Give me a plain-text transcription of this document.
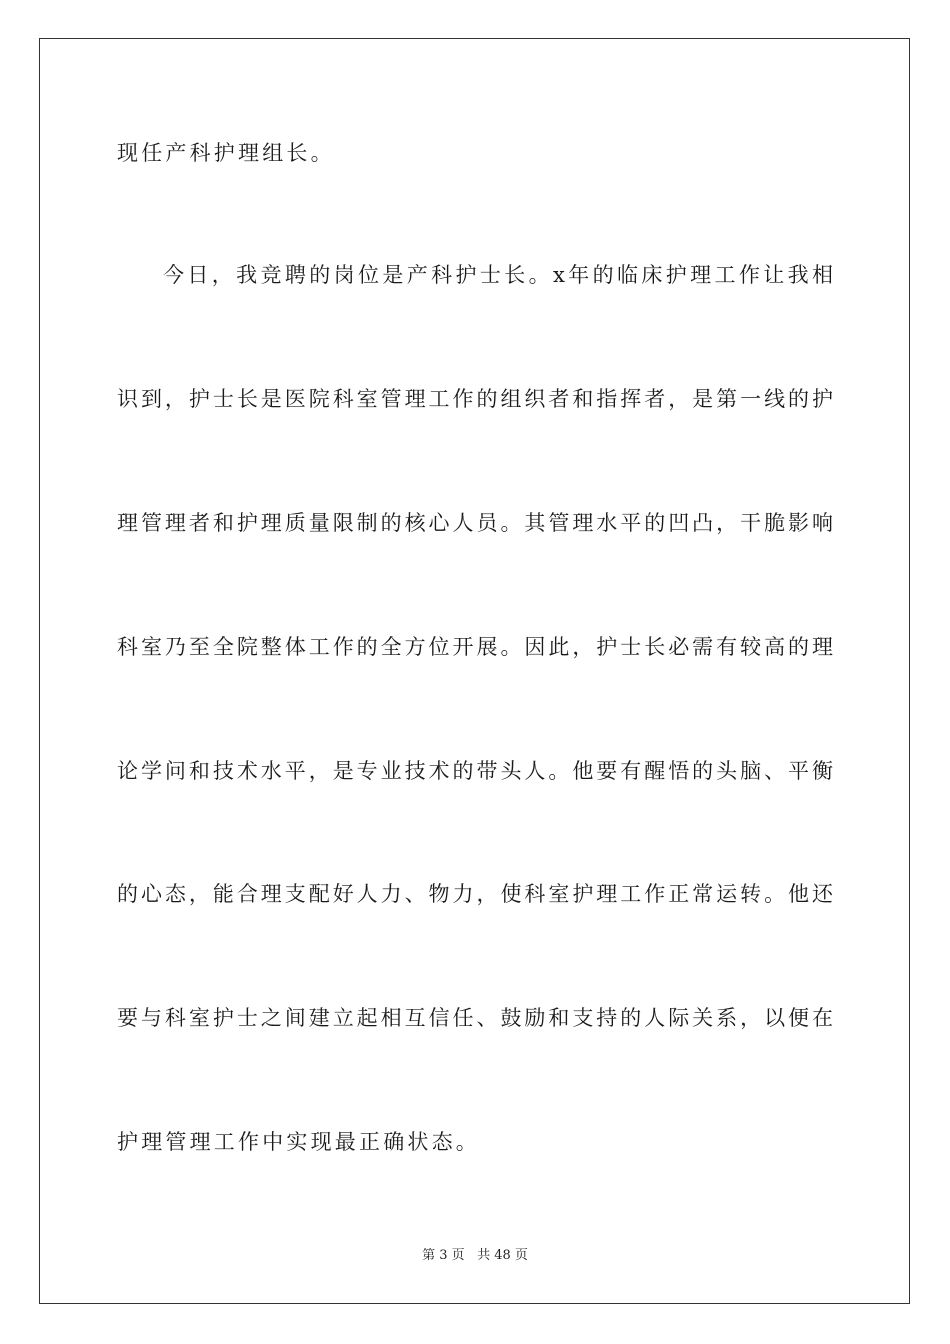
现任产科护理组长。
今日，我竞聘的岗位是产科护士长。x年的临床护理工作让我相
识到，护士长是医院科室管理工作的组织者和指挥者，是第一线的护
理管理者和护理质量限制的核心人员。其管理水平的凹凸，干脆影响
科室乃至全院整体工作的全方位开展。因此，护士长必需有较高的理
论学问和技术水平，是专业技术的带头人。他要有醒悟的头脑、平衡
的心态，能合理支配好人力、物力，使科室护理工作正常运转。他还
要与科室护士之间建立起相互信任、鼓励和支持的人际关系，以便在
护理管理工作中实现最正确状态。
第 3 页 共 48 页
